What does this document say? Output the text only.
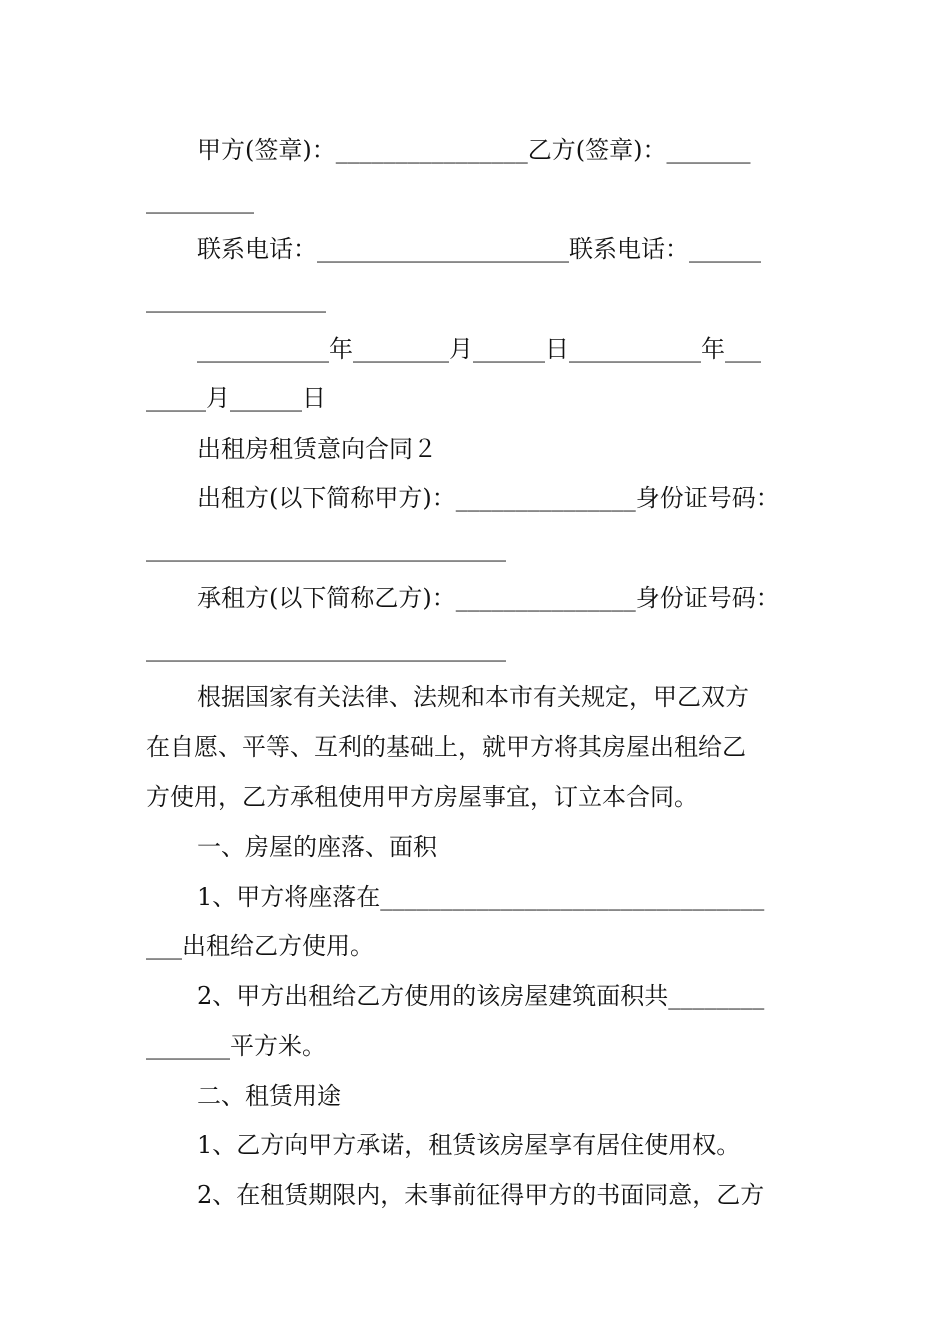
甲方(签章)：________________乙方(签章)：_______
_________
联系电话：_____________________联系电话：______
_______________
___________年________月______日___________年___
_____月______日
出租房租赁意向合同２
出租方(以下简称甲方)：_______________身份证号码：
______________________________
承租方(以下简称乙方)：_______________身份证号码：
______________________________
根据国家有关法律、法规和本市有关规定，甲乙双方
在自愿、平等、互利的基础上，就甲方将其房屋出租给乙
方使用，乙方承租使用甲方房屋事宜，订立本合同。
一、房屋的座落、面积
1、甲方将座落在________________________________
___出租给乙方使用。
2、甲方出租给乙方使用的该房屋建筑面积共________
_______平方米。
二、租赁用途
1、乙方向甲方承诺，租赁该房屋享有居住使用权。
2、在租赁期限内，未事前征得甲方的书面同意，乙方
